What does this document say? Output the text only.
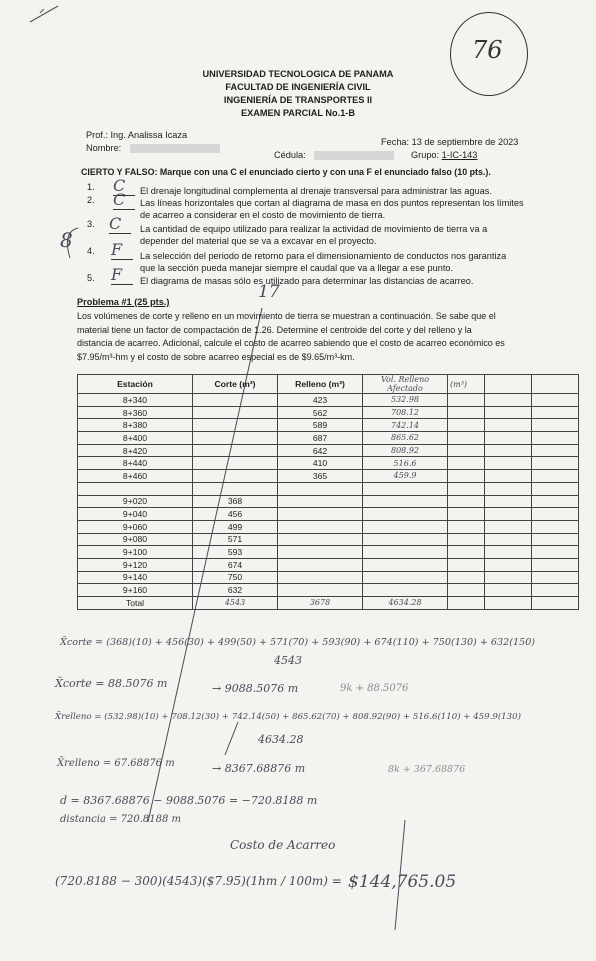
76
UNIVERSIDAD TECNOLOGICA DE PANAMA
FACULTAD DE INGENIERÍA CIVIL
INGENIERÍA DE TRANSPORTES II
EXAMEN PARCIAL No.1-B
Prof.: Ing. Analissa Icaza
Fecha: 13 de septiembre de 2023
Nombre:
Cédula:	Grupo: 1-IC-143
CIERTO Y FALSO: Marque con una C el enunciado cierto y con una F el enunciado falso (10 pts.).
8
1. C	El drenaje longitudinal complementa al drenaje transversal para administrar las aguas.
2. C	Las líneas horizontales que cortan al diagrama de masa en dos puntos representan los límites
de acarreo a considerar en el costo de movimiento de tierra.
3. C	La cantidad de equipo utilizado para realizar la actividad de movimiento de tierra va a
depender del material que se va a excavar en el proyecto.
4. F	La selección del periodo de retorno para el dimensionamiento de conductos nos garantiza
que la sección pueda manejar siempre el caudal que va a llegar a ese punto.
5. F	El diagrama de masas sólo es utilizado para determinar las distancias de acarreo.
Problema #1 (25 pts.)	17
Los volúmenes de corte y relleno en un movimiento de tierra se muestran a continuación. Se sabe que el
material tiene un factor de compactación de 1.26. Determine el centroide del corte y del relleno y la
distancia de acarreo. Adicional, calcule el costo de acarreo sabiendo que el costo de acarreo económico es
$7.95/m³-hm y el costo de sobre acarreo especial es de $9.65/m³-km.
Estación	Corte (m³)	Relleno (m³)	Vol. Relleno Afectado	(m³)		
8+340		423	532.98			
8+360		562	708.12			
8+380		589	742.14			
8+400		687	865.62			
8+420		642	808.92			
8+440		410	516.6			
8+460		365	459.9			

9+020	368					
9+040	456					
9+060	499					
9+080	571					
9+100	593					
9+120	674					
9+140	750					
9+160	632					
Total	4543	3678	4634.28			
X̄corte = (368)(10) + 456(30) + 499(50) + 571(70) + 593(90) + 674(110) + 750(130) + 632(150)
4543
X̄corte = 88.5076 m	→ 9088.5076 m	9k + 88.5076
X̄relleno = (532.98)(10) + 708.12(30) + 742.14(50) + 865.62(70) + 808.92(90) + 516.6(110) + 459.9(130)
4634.28
X̄relleno = 67.68876 m	→ 8367.68876 m	8k + 367.68876
d = 8367.68876 − 9088.5076 = −720.8188 m
distancia = 720.8188 m
Costo de Acarreo
(720.8188 − 300)(4543)($7.95)(1hm / 100m) = $144,765.05
